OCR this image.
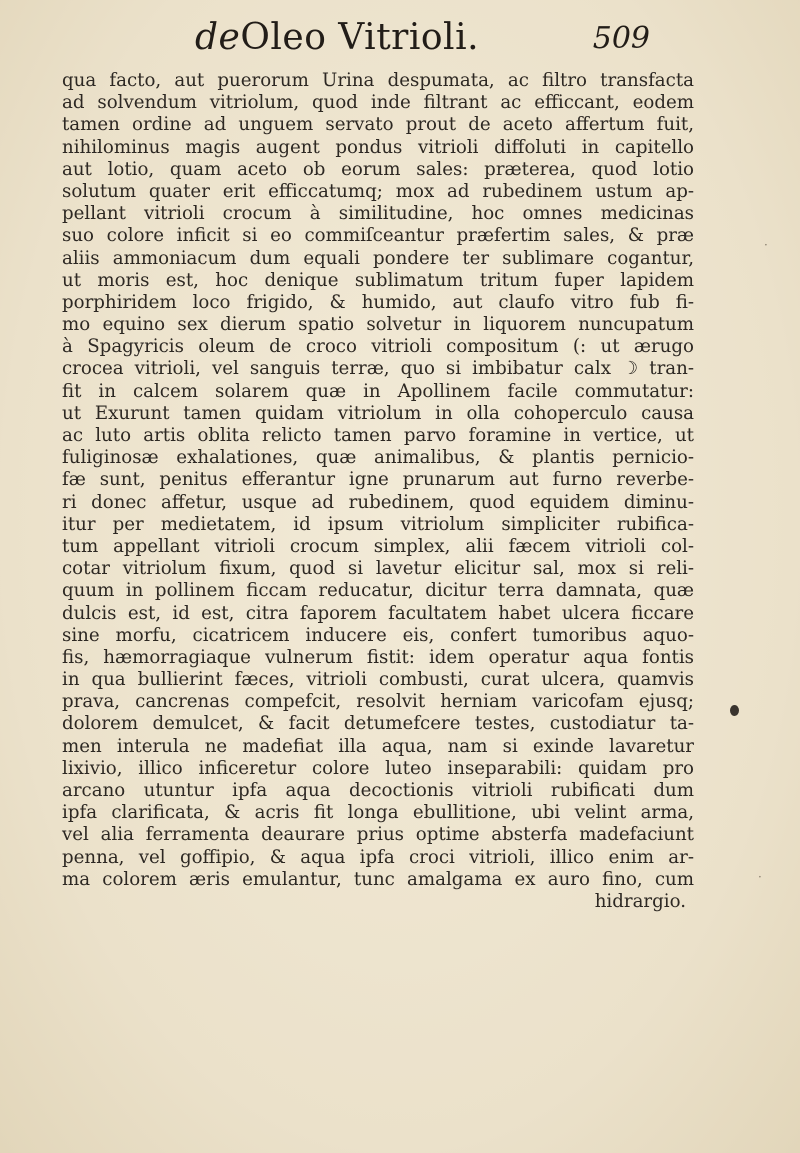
deOleo Vitrioli.	509
qua facto, aut puerorum Urina despumata, ac filtro transfacta
ad solvendum vitriolum, quod inde filtrant ac efficcant, eodem
tamen ordine ad unguem servato prout de aceto affertum fuit,
nihilominus magis augent pondus vitrioli diffoluti in capitello
aut lotio, quam aceto ob eorum sales: præterea, quod lotio
solutum quater erit efficcatumq; mox ad rubedinem ustum ap-
pellant vitrioli crocum à similitudine, hoc omnes medicinas
suo colore inficit si eo commiſceantur præfertim sales, & præ
aliis ammoniacum dum equali pondere ter sublimare cogantur,
ut moris est, hoc denique sublimatum tritum fuper lapidem
porphiridem loco frigido, & humido, aut claufo vitro fub fi-
mo equino sex dierum spatio solvetur in liquorem nuncupatum
à Spagyricis oleum de croco vitrioli compositum (: ut ærugo
crocea vitrioli, vel sanguis terræ, quo si imbibatur calx ☽ tran-
fit in calcem solarem quæ in Apollinem facile commutatur:
ut Exurunt tamen quidam vitriolum in olla cohoperculo causa
ac luto artis oblita relicto tamen parvo foramine in vertice, ut
fuliginosæ exhalationes, quæ animalibus, & plantis pernicio-
fæ sunt, penitus efferantur igne prunarum aut furno reverbe-
ri donec affetur, usque ad rubedinem, quod equidem diminu-
itur per medietatem, id ipsum vitriolum simpliciter rubifica-
tum appellant vitrioli crocum simplex, alii fæcem vitrioli col-
cotar vitriolum fixum, quod si lavetur elicitur sal, mox si reli-
quum in pollinem ficcam reducatur, dicitur terra damnata, quæ
dulcis est, id est, citra faporem facultatem habet ulcera ficcare
sine morfu, cicatricem inducere eis, confert tumoribus aquo-
fis, hæmorragiaque vulnerum fistit: idem operatur aqua fontis
in qua bullierint fæces, vitrioli combusti, curat ulcera, quamvis
prava, cancrenas compefcit, resolvit herniam varicofam ejusq;
dolorem demulcet, & facit detumefcere testes, custodiatur ta-
men interula ne madefiat illa aqua, nam si exinde lavaretur
lixivio, illico inficeretur colore luteo inseparabili: quidam pro
arcano utuntur ipfa aqua decoctionis vitrioli rubificati dum
ipfa clarificata, & acris fit longa ebullitione, ubi velint arma,
vel alia ferramenta deaurare prius optime absterfa madefaciunt
penna, vel goffipio, & aqua ipfa croci vitrioli, illico enim ar-
ma colorem æris emulantur, tunc amalgama ex auro fino, cum
hidrargio.
·
·
